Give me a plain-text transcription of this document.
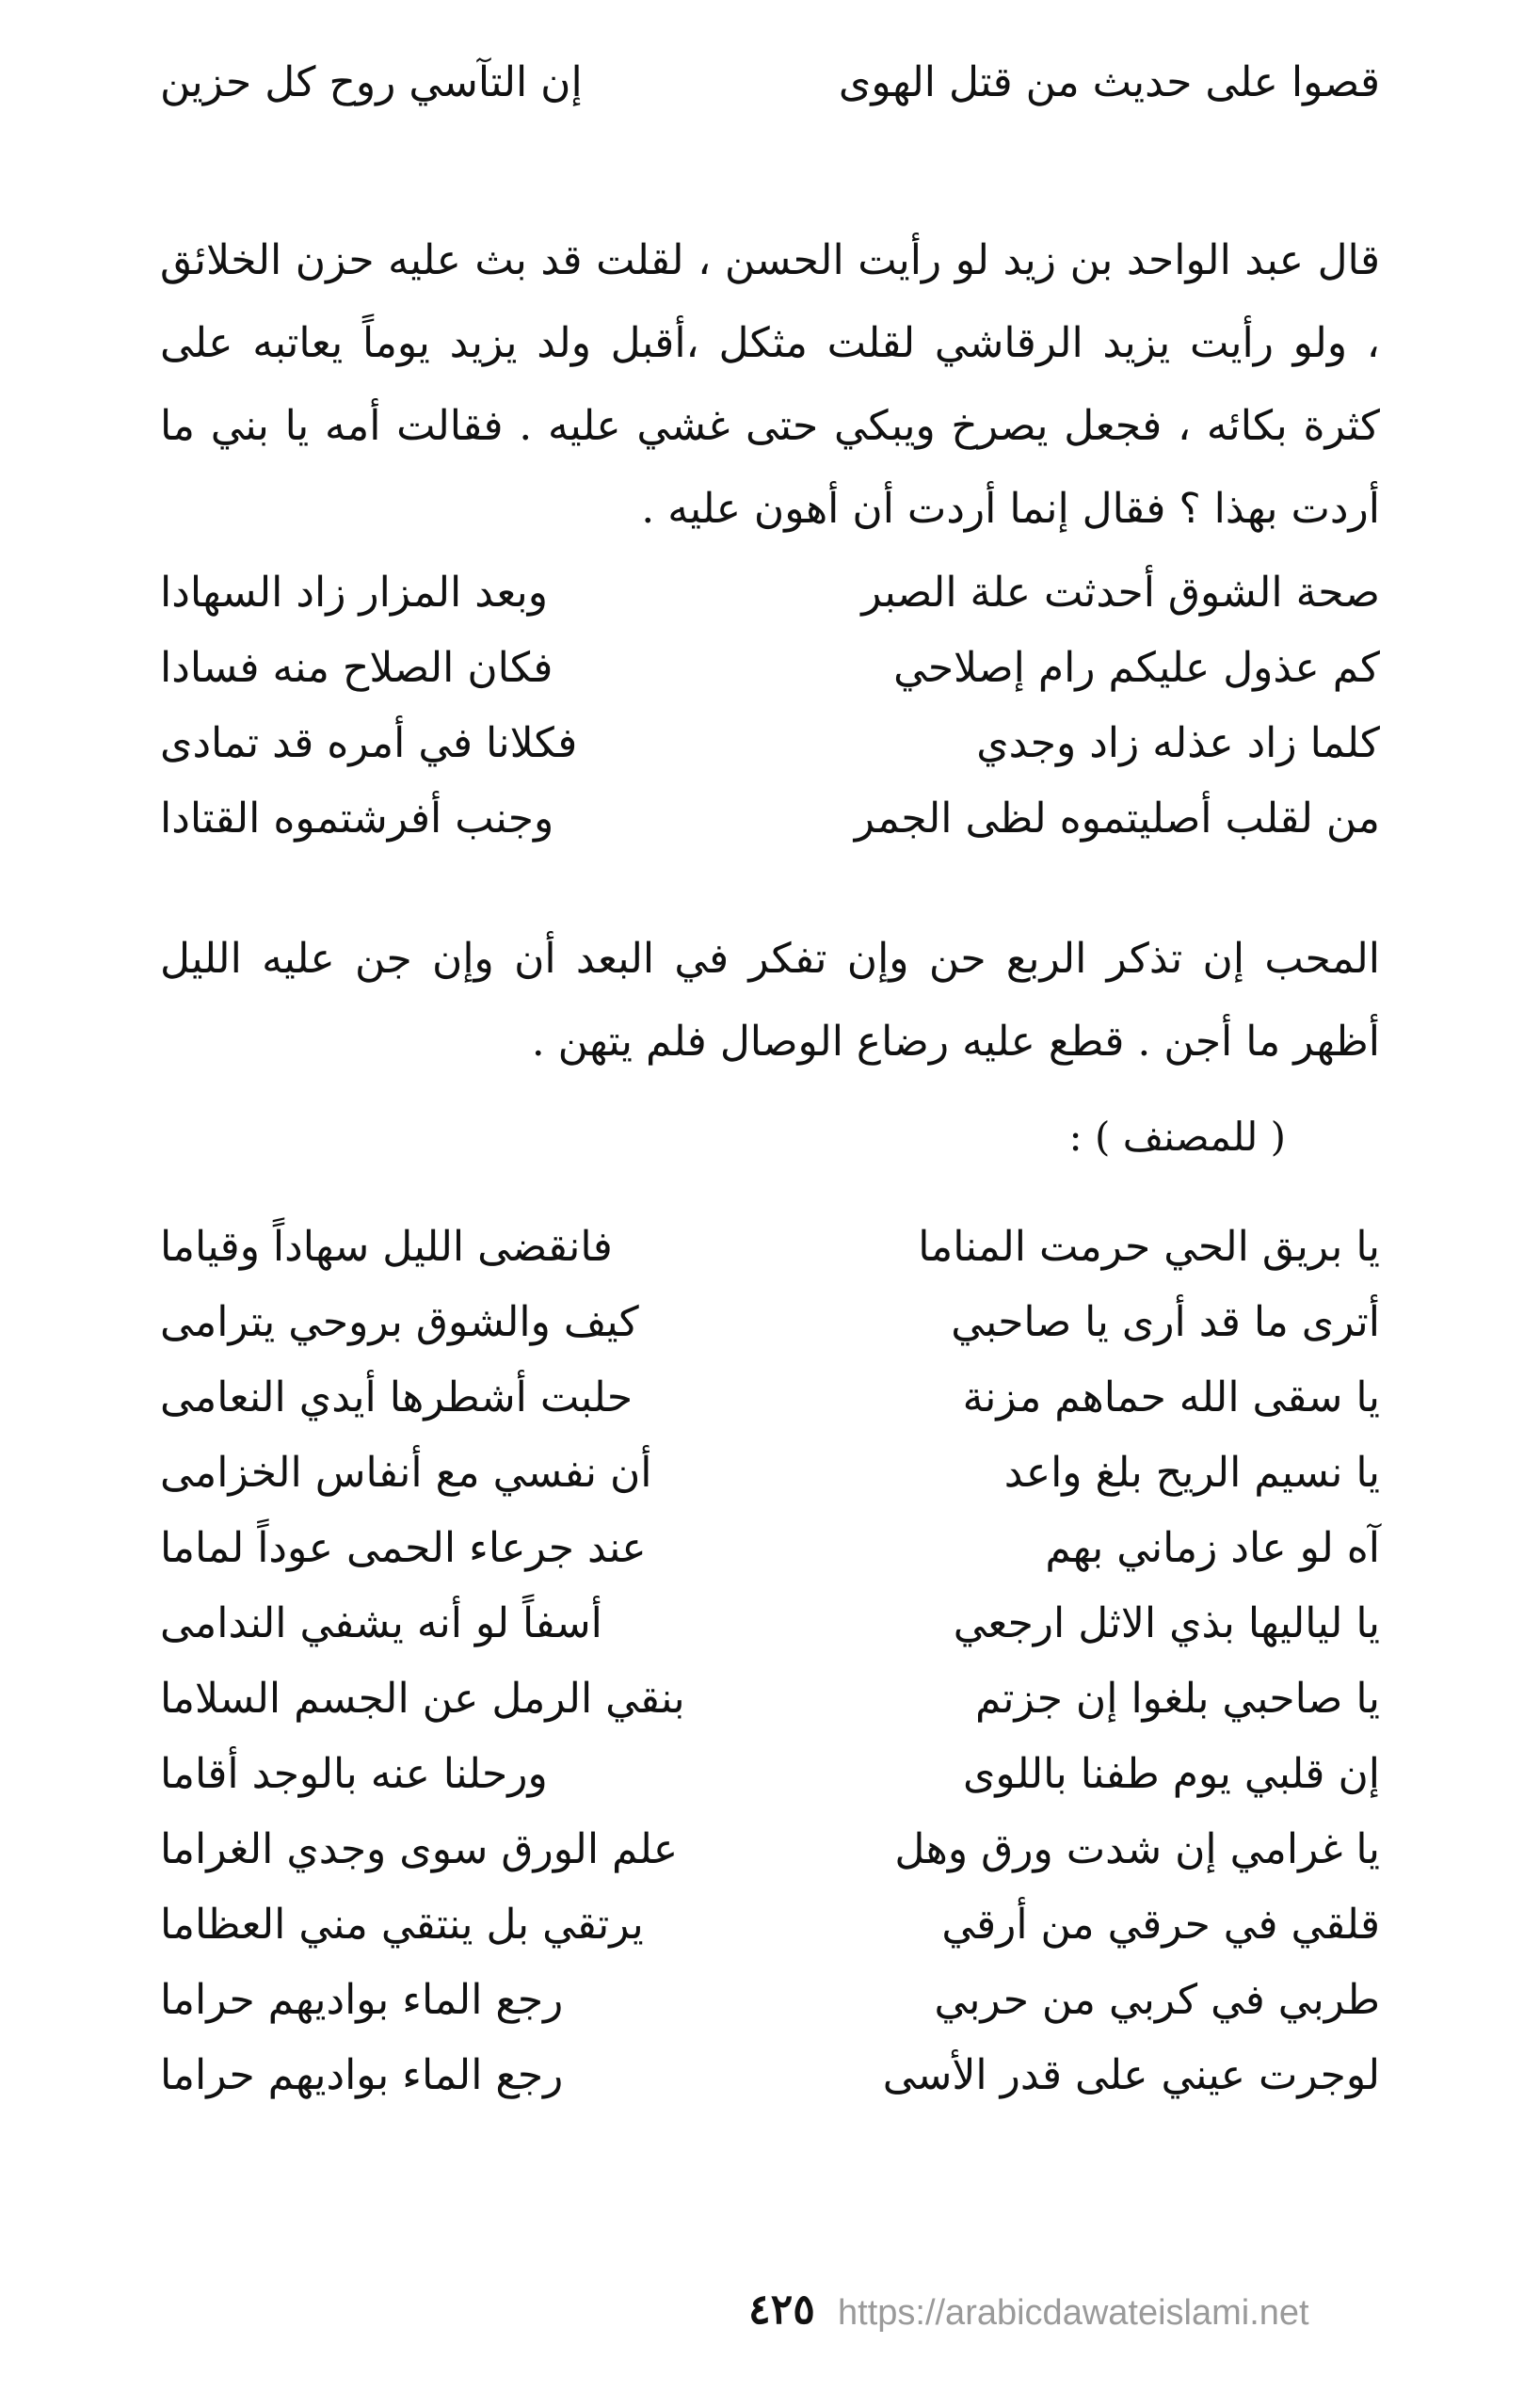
قصوا على حديث من قتل الهوى
إن التآسي روح كل حزين

قال عبد الواحد بن زيد لو رأيت الحسن ، لقلت قد بث عليه حزن الخلائق ، ولو رأيت يزيد الرقاشي لقلت مثكل ،أقبل ولد يزيد يوماً يعاتبه على كثرة بكائه ، فجعل يصرخ ويبكي حتى غشي عليه . فقالت أمه يا بني ما أردت بهذا ؟ فقال إنما أردت أن أهون عليه .

صحة الشوق أحدثت علة الصبر
وبعد المزار زاد السهادا
كم عذول عليكم رام إصلاحي
فكان الصلاح منه فسادا
كلما زاد عذله زاد وجدي
فكلانا في أمره قد تمادى
من لقلب أصليتموه لظى الجمر
وجنب أفرشتموه القتادا

المحب إن تذكر الربع حن وإن تفكر في البعد أن وإن جن عليه الليل أظهر ما أجن . قطع عليه رضاع الوصال فلم يتهن .

( للمصنف ) :
يا بريق الحي حرمت المناما
فانقضى الليل سهاداً وقياما
أترى ما قد أرى يا صاحبي
كيف والشوق بروحي يترامى
يا سقى الله حماهم مزنة
حلبت أشطرها أيدي النعامى
يا نسيم الريح بلغ واعد
أن نفسي مع أنفاس الخزامى
آه لو عاد زماني بهم
عند جرعاء الحمى عوداً لماما
يا لياليها بذي الاثل ارجعي
أسفاً لو أنه يشفي الندامى
يا صاحبي بلغوا إن جزتم
بنقي الرمل عن الجسم السلاما
إن قلبي يوم طفنا باللوى
ورحلنا عنه بالوجد أقاما
يا غرامي إن شدت ورق وهل
علم الورق سوى وجدي الغراما
قلقي في حرقي من أرقي
يرتقي بل ينتقي مني العظاما
طربي في كربي من حربي
رجع الماء بواديهم حراما
لوجرت عيني على قدر الأسى
رجع الماء بواديهم حراما
٤٢٥ https://arabicdawateislami.net
